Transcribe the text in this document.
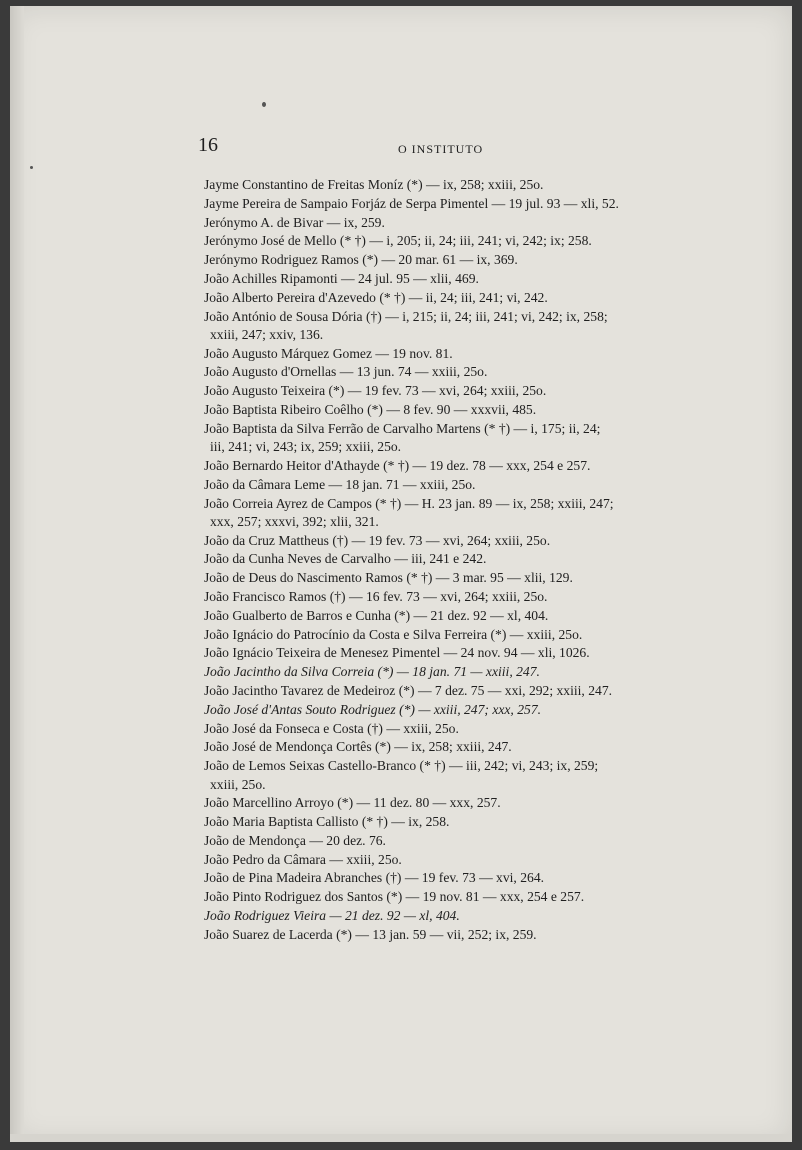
16	O INSTITUTO
Jayme Constantino de Freitas Moníz (*) — ix, 258; xxiii, 25o.
Jayme Pereira de Sampaio Forjáz de Serpa Pimentel — 19 jul. 93 — xli, 52.
Jerónymo A. de Bivar — ix, 259.
Jerónymo José de Mello (* †) — i, 205; ii, 24; iii, 241; vi, 242; ix; 258.
Jerónymo Rodriguez Ramos (*) — 20 mar. 61 — ix, 369.
João Achilles Ripamonti — 24 jul. 95 — xlii, 469.
João Alberto Pereira d'Azevedo (* †) — ii, 24; iii, 241; vi, 242.
João António de Sousa Dória (†) — i, 215; ii, 24; iii, 241; vi, 242; ix, 258;
xxiii, 247; xxiv, 136.
João Augusto Márquez Gomez — 19 nov. 81.
João Augusto d'Ornellas — 13 jun. 74 — xxiii, 25o.
João Augusto Teixeira (*) — 19 fev. 73 — xvi, 264; xxiii, 25o.
João Baptista Ribeiro Coêlho (*) — 8 fev. 90 — xxxvii, 485.
João Baptista da Silva Ferrão de Carvalho Martens (* †) — i, 175; ii, 24;
iii, 241; vi, 243; ix, 259; xxiii, 25o.
João Bernardo Heitor d'Athayde (* †) — 19 dez. 78 — xxx, 254 e 257.
João da Câmara Leme — 18 jan. 71 — xxiii, 25o.
João Correia Ayrez de Campos (* †) — H. 23 jan. 89 — ix, 258; xxiii, 247;
xxx, 257; xxxvi, 392; xlii, 321.
João da Cruz Mattheus (†) — 19 fev. 73 — xvi, 264; xxiii, 25o.
João da Cunha Neves de Carvalho — iii, 241 e 242.
João de Deus do Nascimento Ramos (* †) — 3 mar. 95 — xlii, 129.
João Francisco Ramos (†) — 16 fev. 73 — xvi, 264; xxiii, 25o.
João Gualberto de Barros e Cunha (*) — 21 dez. 92 — xl, 404.
João Ignácio do Patrocínio da Costa e Silva Ferreira (*) — xxiii, 25o.
João Ignácio Teixeira de Menesez Pimentel — 24 nov. 94 — xli, 1026.
João Jacintho da Silva Correia (*) — 18 jan. 71 — xxiii, 247.
João Jacintho Tavarez de Medeiroz (*) — 7 dez. 75 — xxi, 292; xxiii, 247.
João José d'Antas Souto Rodriguez (*) — xxiii, 247; xxx, 257.
João José da Fonseca e Costa (†) — xxiii, 25o.
João José de Mendonça Cortês (*) — ix, 258; xxiii, 247.
João de Lemos Seixas Castello-Branco (* †) — iii, 242; vi, 243; ix, 259;
xxiii, 25o.
João Marcellino Arroyo (*) — 11 dez. 80 — xxx, 257.
João Maria Baptista Callisto (* †) — ix, 258.
João de Mendonça — 20 dez. 76.
João Pedro da Câmara — xxiii, 25o.
João de Pina Madeira Abranches (†) — 19 fev. 73 — xvi, 264.
João Pinto Rodriguez dos Santos (*) — 19 nov. 81 — xxx, 254 e 257.
João Rodriguez Vieira — 21 dez. 92 — xl, 404.
João Suarez de Lacerda (*) — 13 jan. 59 — vii, 252; ix, 259.
